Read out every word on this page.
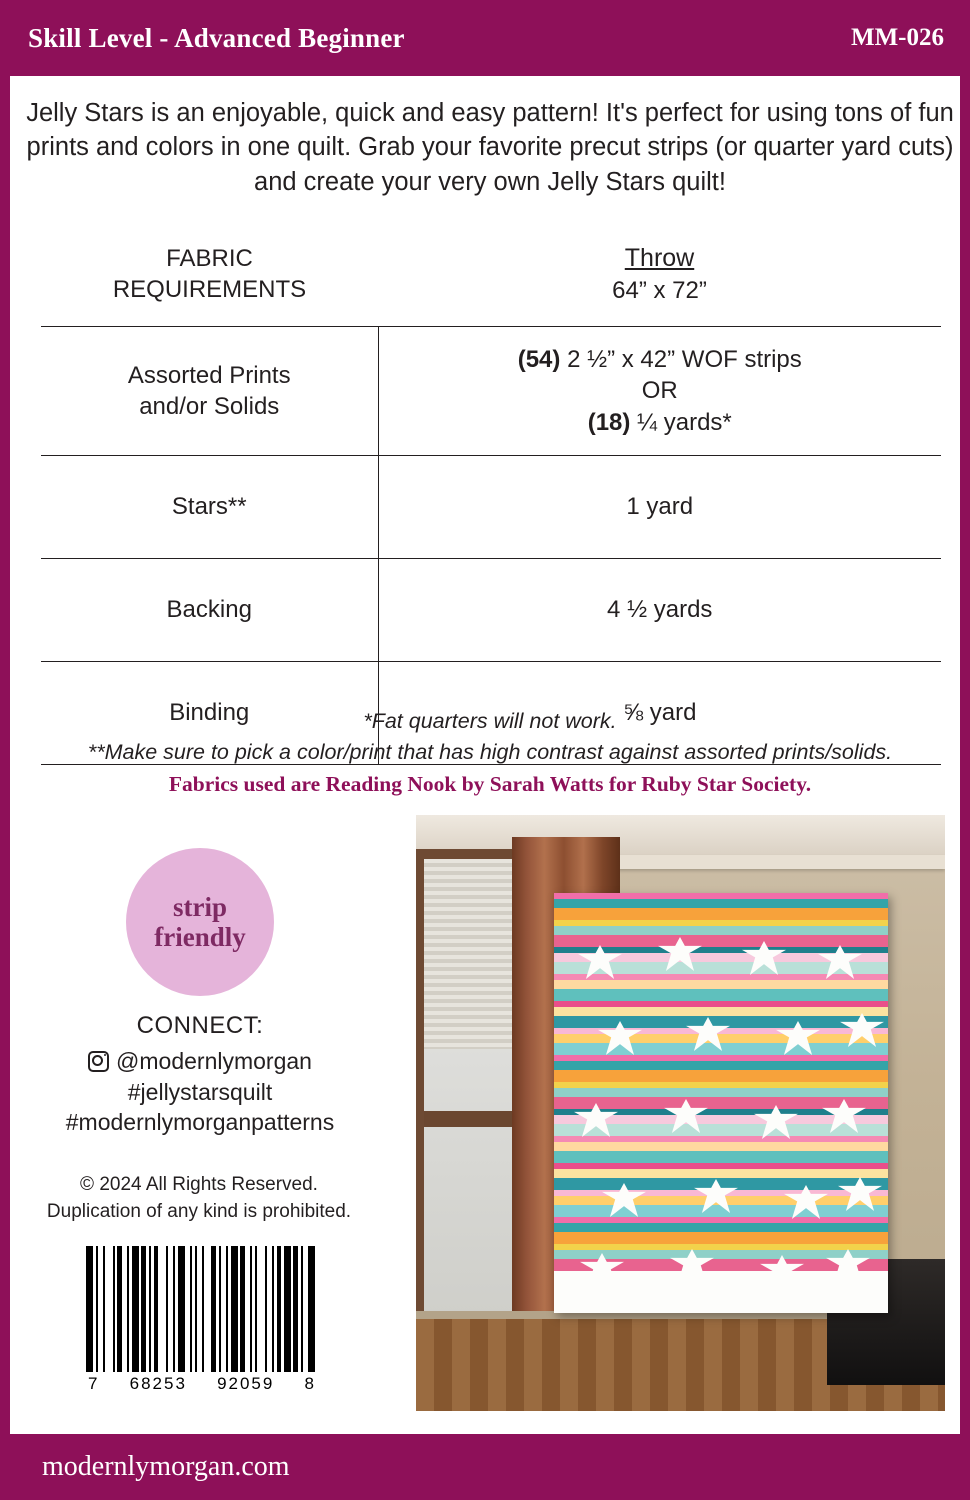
Skill Level - Advanced Beginner	MM-026
Jelly Stars is an enjoyable, quick and easy pattern! It's perfect for using tons of fun prints and colors in one quilt. Grab your favorite precut strips (or quarter yard cuts) and create your very own Jelly Stars quilt!
FABRIC
REQUIREMENTS	Throw
64” x 72”

Assorted Prints
and/or Solids	(54) 2 ½” x 42” WOF strips
OR
(18) ¼ yards*

Stars**	1 yard
Backing	4 ½ yards
Binding	⅝ yard
*Fat quarters will not work.
**Make sure to pick a color/print that has high contrast against assorted prints/solids.
Fabrics used are Reading Nook by Sarah Watts for Ruby Star Society.
strip
friendly
CONNECT:
@modernlymorgan
#jellystarsquilt
#modernlymorganpatterns
© 2024 All Rights Reserved.
Duplication of any kind is prohibited.
7 68253 92059 8
modernlymorgan.com
